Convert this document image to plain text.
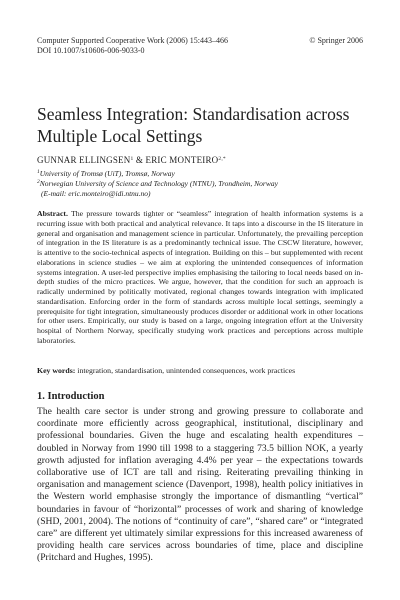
Computer Supported Cooperative Work (2006) 15:443–466	© Springer 2006
DOI 10.1007/s10606-006-9033-0
Seamless Integration: Standardisation across Multiple Local Settings
GUNNAR ELLINGSEN$^1$ & ERIC $MONTEIRO^{2,*}$
$^1$University of Tromsø (UiT), Tromsø, Norway
$^2$Norwegian University of Science and Technology (NTNU), Trondheim, Norway
(E-mail: eric.monteiro@idi.ntnu.no)

Abstract. The pressure towards tighter or “seamless” integration of health information systems is a recurring issue with both practical and analytical relevance. It taps into a discourse in the IS literature in general and organisation and management science in particular. Unfortunately, the prevailing perception of integration in the IS literature is as a predominantly technical issue. The CSCW literature, however, is attentive to the socio-technical aspects of integration. Building on this – but supplemented with recent elaborations in science studies – we aim at exploring the unintended consequences of information systems integration. A user-led perspective implies emphasising the tailoring to local needs based on in-depth studies of the micro practices. We argue, however, that the condition for such an approach is radically undermined by politically motivated, regional changes towards integration with implicated standardisation. Enforcing order in the form of standards across multiple local settings, seemingly a prerequisite for tight integration, simultaneously produces disorder or additional work in other locations for other users. Empirically, our study is based on a large, ongoing integration effort at the University hospital of Northern Norway, specifically studying work practices and perceptions across multiple laboratories.

Key words: integration, standardisation, unintended consequences, work practices

1. Introduction

The health care sector is under strong and growing pressure to collaborate and coordinate more efficiently across geographical, institutional, disciplinary and professional boundaries. Given the huge and escalating health expenditures – doubled in Norway from 1990 till 1998 to a staggering 73.5 billion NOK, a yearly growth adjusted for inflation averaging 4.4% per year – the expectations towards collaborative use of ICT are tall and rising. Reiterating prevailing thinking in organisation and management science (Davenport, 1998), health policy initiatives in the Western world emphasise strongly the importance of dismantling “vertical” boundaries in favour of “horizontal” processes of work and sharing of knowledge (SHD, 2001, 2004). The notions of “continuity of care”, “shared care” or “integrated care” are different yet ultimately similar expressions for this increased awareness of providing health care services across boundaries of time, place and discipline (Pritchard and Hughes, 1995).
